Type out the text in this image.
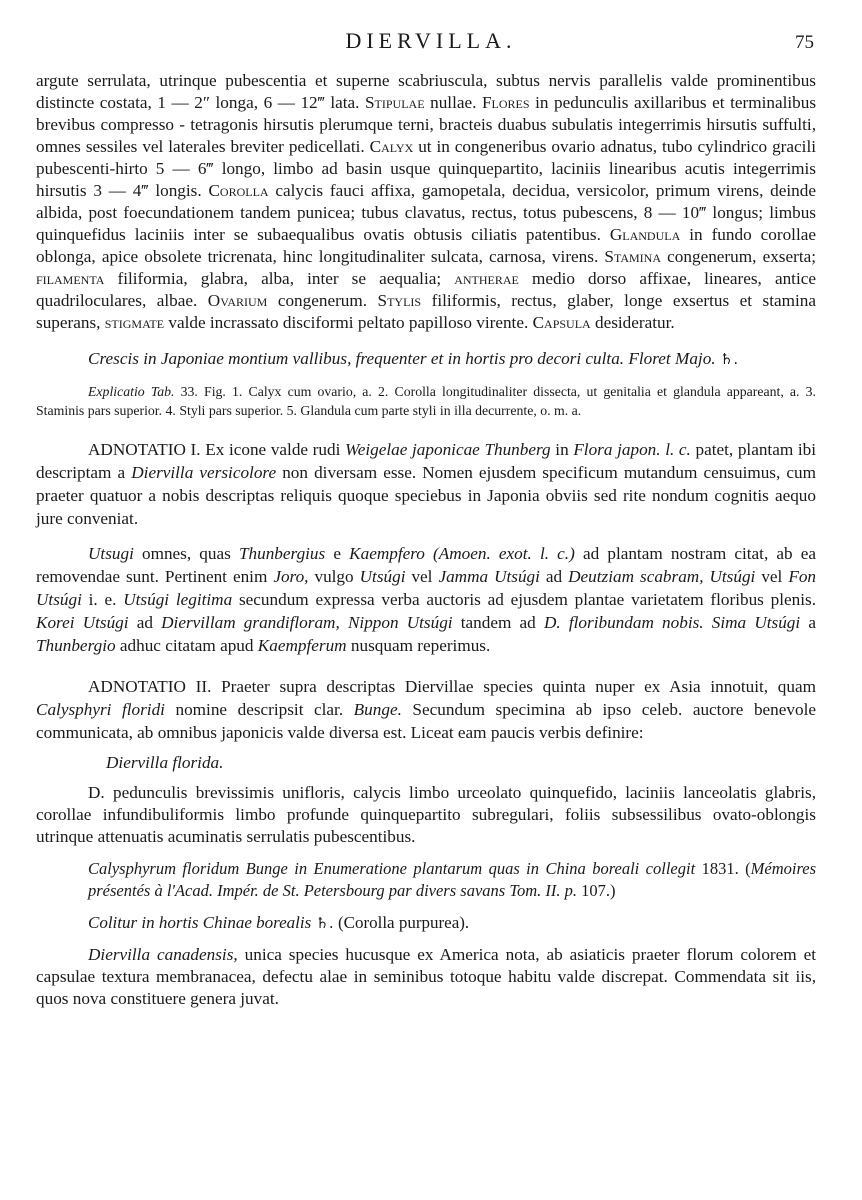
DIERVILLA.	75

argute serrulata, utrinque pubescentia et superne scabriuscula, subtus nervis parallelis valde prominentibus distincte costata, 1 — 2″ longa, 6 — 12‴ lata. Stipulae nullae. Flores in pedunculis axillaribus et terminalibus brevibus compresso - tetragonis hirsutis plerumque terni, bracteis duabus subulatis integerrimis hirsutis suffulti, omnes sessiles vel laterales breviter pedicellati. Calyx ut in congeneribus ovario adnatus, tubo cylindrico gracili pubescenti-hirto 5 — 6‴ longo, limbo ad basin usque quinquepartito, laciniis linearibus acutis integerrimis hirsutis 3 — 4‴ longis. Corolla calycis fauci affixa, gamopetala, decidua, versicolor, primum virens, deinde albida, post foecundationem tandem punicea; tubus clavatus, rectus, totus pubescens, 8 — 10‴ longus; limbus quinquefidus laciniis inter se subaequalibus ovatis obtusis ciliatis patentibus. Glandula in fundo corollae oblonga, apice obsolete tricrenata, hinc longitudinaliter sulcata, carnosa, virens. Stamina congenerum, exserta; filamenta filiformia, glabra, alba, inter se aequalia; antherae medio dorso affixae, lineares, antice quadriloculares, albae. Ovarium congenerum. Stylis filiformis, rectus, glaber, longe exsertus et stamina superans, stigmate valde incrassato disciformi peltato papilloso virente. Capsula desideratur.

Crescis in Japoniae montium vallibus, frequenter et in hortis pro decori culta. Floret Majo. ♄.

Explicatio Tab. 33. Fig. 1. Calyx cum ovario, a. 2. Corolla longitudinaliter dissecta, ut genitalia et glandula appareant, a. 3. Staminis pars superior. 4. Styli pars superior. 5. Glandula cum parte styli in illa decurrente, o. m. a.

ADNOTATIO I. Ex icone valde rudi Weigelae japonicae Thunberg in Flora japon. l. c. patet, plantam ibi descriptam a Diervilla versicolore non diversam esse. Nomen ejusdem specificum mutandum censuimus, cum praeter quatuor a nobis descriptas reliquis quoque speciebus in Japonia obviis sed rite nondum cognitis aequo jure conveniat.

Utsugi omnes, quas Thunbergius e Kaempfero (Amoen. exot. l. c.) ad plantam nostram citat, ab ea removendae sunt. Pertinent enim Joro, vulgo Utsúgi vel Jamma Utsúgi ad Deutziam scabram, Utsúgi vel Fon Utsúgi i. e. Utsúgi legitima secundum expressa verba auctoris ad ejusdem plantae varietatem floribus plenis. Korei Utsúgi ad Diervillam grandifloram, Nippon Utsúgi tandem ad D. floribundam nobis. Sima Utsúgi a Thunbergio adhuc citatam apud Kaempferum nusquam reperimus.

ADNOTATIO II. Praeter supra descriptas Diervillae species quinta nuper ex Asia innotuit, quam Calysphyri floridi nomine descripsit clar. Bunge. Secundum specimina ab ipso celeb. auctore benevole communicata, ab omnibus japonicis valde diversa est. Liceat eam paucis verbis definire:

Diervilla florida.

D. pedunculis brevissimis unifloris, calycis limbo urceolato quinquefido, laciniis lanceolatis glabris, corollae infundibuliformis limbo profunde quinquepartito subregulari, foliis subsessilibus ovato-oblongis utrinque attenuatis acuminatis serrulatis pubescentibus.

Calysphyrum floridum Bunge in Enumeratione plantarum quas in China boreali collegit 1831. (Mémoires présentés à l'Acad. Impér. de St. Petersbourg par divers savans Tom. II. p. 107.)

Colitur in hortis Chinae borealis ♄. (Corolla purpurea).

Diervilla canadensis, unica species hucusque ex America nota, ab asiaticis praeter florum colorem et capsulae textura membranacea, defectu alae in seminibus totoque habitu valde discrepat. Commendata sit iis, quos nova constituere genera juvat.
